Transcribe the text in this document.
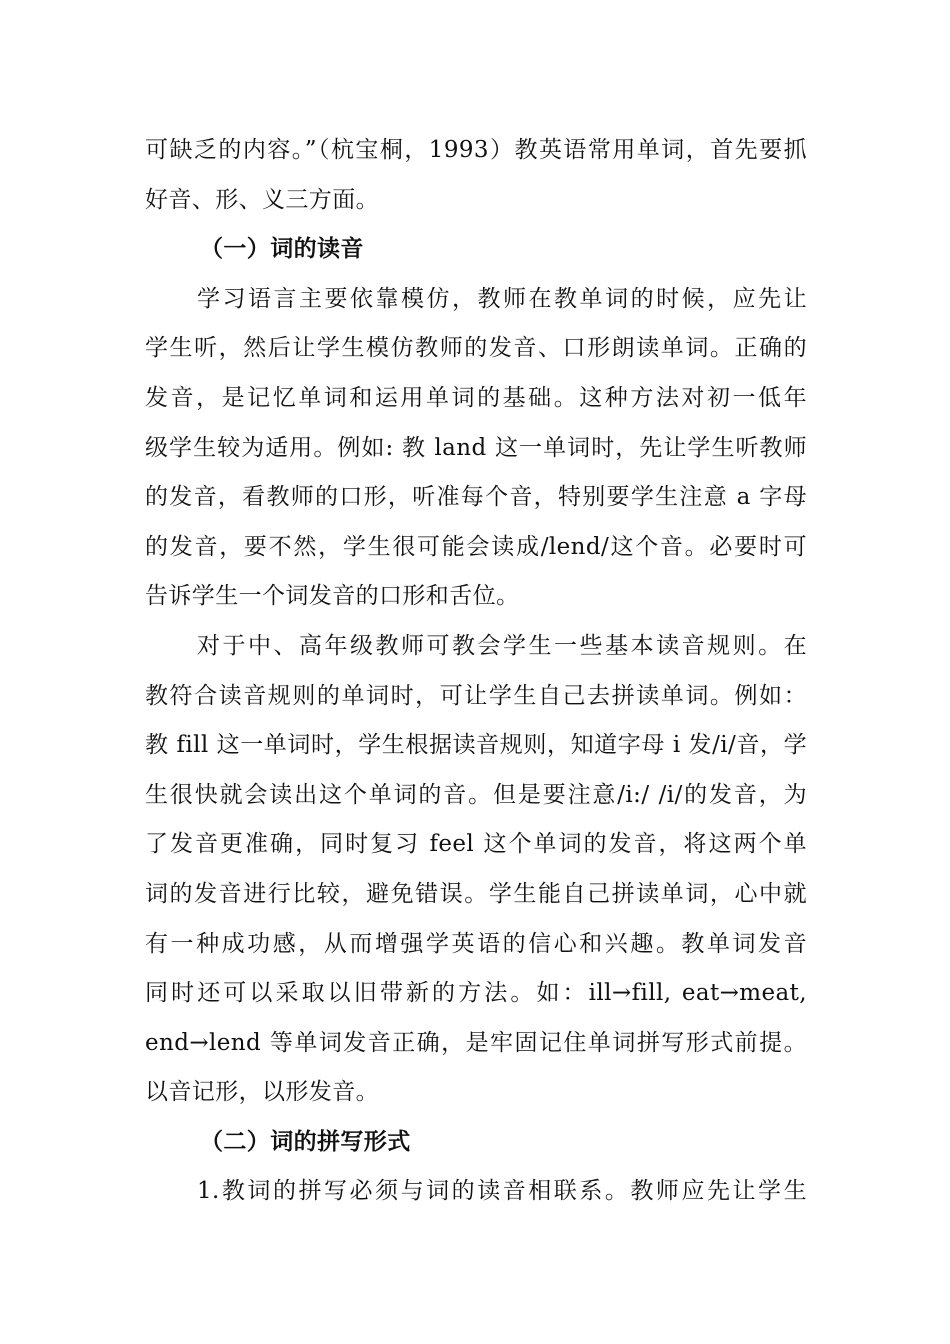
可缺乏的内容。”（杭宝桐，1993）教英语常用单词，首先要抓
好音、形、义三方面。
（一）词的读音
学习语言主要依靠模仿，教师在教单词的时候，应先让
学生听，然后让学生模仿教师的发音、口形朗读单词。正确的
发音，是记忆单词和运用单词的基础。这种方法对初一低年
级学生较为适用。例如: 教 land 这一单词时，先让学生听教师
的发音，看教师的口形，听准每个音，特别要学生注意 a 字母
的发音，要不然，学生很可能会读成/lend/这个音。必要时可
告诉学生一个词发音的口形和舌位。
对于中、高年级教师可教会学生一些基本读音规则。在
教符合读音规则的单词时，可让学生自己去拼读单词。例如：
教 fill 这一单词时，学生根据读音规则，知道字母 i 发/i/音，学
生很快就会读出这个单词的音。但是要注意/i:/ /i/的发音，为
了发音更准确，同时复习 feel 这个单词的发音，将这两个单
词的发音进行比较，避免错误。学生能自己拼读单词，心中就
有一种成功感，从而增强学英语的信心和兴趣。教单词发音
同时还可以采取以旧带新的方法。如：ill→fill, eat→meat,
end→lend 等单词发音正确，是牢固记住单词拼写形式前提。
以音记形，以形发音。
（二）词的拼写形式
1.教词的拼写必须与词的读音相联系。教师应先让学生
